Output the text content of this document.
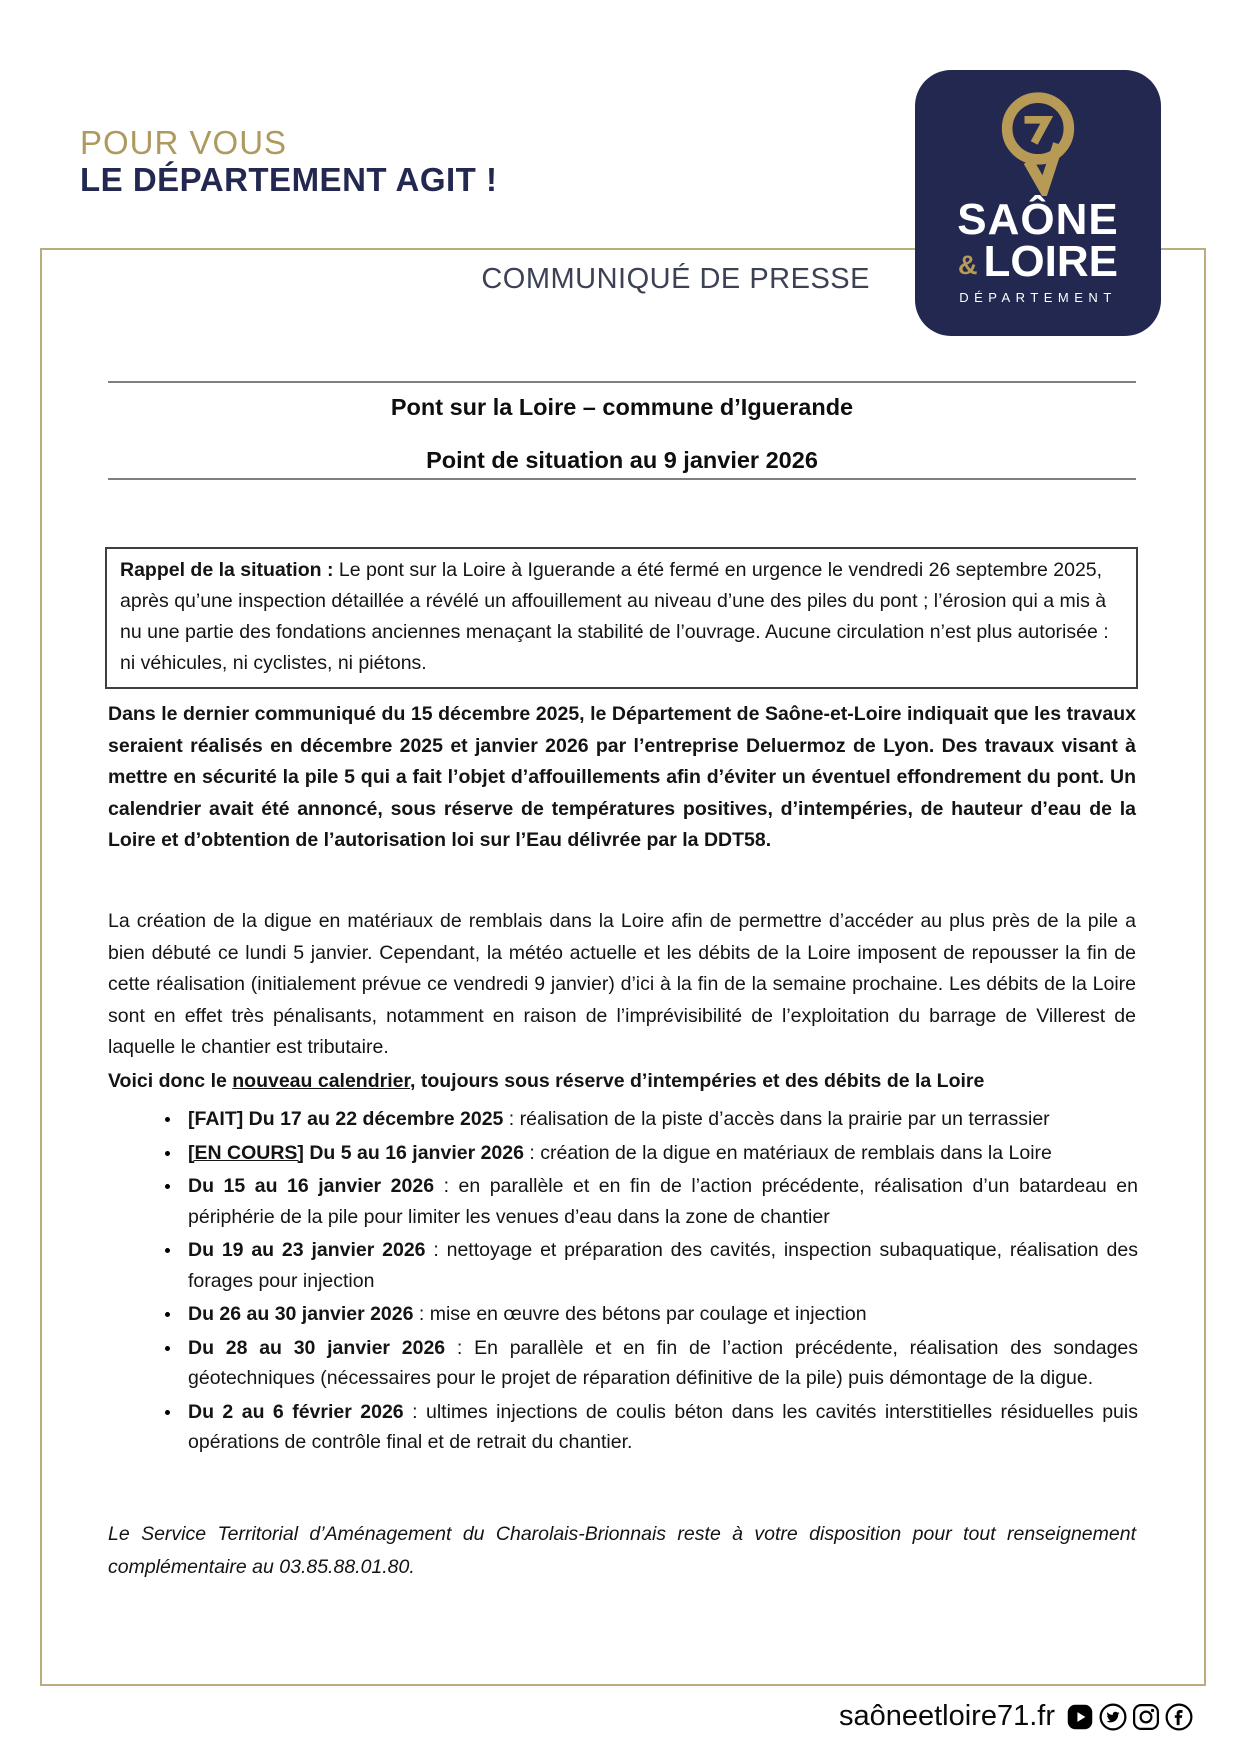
POUR VOUS
LE DÉPARTEMENT AGIT !
SAÔNE
& LOIRE
DÉPARTEMENT
COMMUNIQUÉ DE PRESSE
Pont sur la Loire – commune d’Iguerande
Point de situation au 9 janvier 2026
Rappel de la situation : Le pont sur la Loire à Iguerande a été fermé en urgence le vendredi 26 septembre 2025, après qu’une inspection détaillée a révélé un affouillement au niveau d’une des piles du pont ; l’érosion qui a mis à nu une partie des fondations anciennes menaçant la stabilité de l’ouvrage. Aucune circulation n’est plus autorisée : ni véhicules, ni cyclistes, ni piétons.

Dans le dernier communiqué du 15 décembre 2025, le Département de Saône-et-Loire indiquait que les travaux seraient réalisés en décembre 2025 et janvier 2026 par l’entreprise Deluermoz de Lyon. Des travaux visant à mettre en sécurité la pile 5 qui a fait l’objet d’affouillements afin d’éviter un éventuel effondrement du pont. Un calendrier avait été annoncé, sous réserve de températures positives, d’intempéries, de hauteur d’eau de la Loire et d’obtention de l’autorisation loi sur l’Eau délivrée par la DDT58.

La création de la digue en matériaux de remblais dans la Loire afin de permettre d’accéder au plus près de la pile a bien débuté ce lundi 5 janvier. Cependant, la météo actuelle et les débits de la Loire imposent de repousser la fin de cette réalisation (initialement prévue ce vendredi 9 janvier) d’ici à la fin de la semaine prochaine. Les débits de la Loire sont en effet très pénalisants, notamment en raison de l’imprévisibilité de l’exploitation du barrage de Villerest de laquelle le chantier est tributaire.

Voici donc le nouveau calendrier, toujours sous réserve d’intempéries et des débits de la Loire

• [FAIT] Du 17 au 22 décembre 2025 : réalisation de la piste d’accès dans la prairie par un terrassier
• [EN COURS] Du 5 au 16 janvier 2026 : création de la digue en matériaux de remblais dans la Loire
• Du 15 au 16 janvier 2026 : en parallèle et en fin de l’action précédente, réalisation d’un batardeau en périphérie de la pile pour limiter les venues d’eau dans la zone de chantier
• Du 19 au 23 janvier 2026 : nettoyage et préparation des cavités, inspection subaquatique, réalisation des forages pour injection
• Du 26 au 30 janvier 2026 : mise en œuvre des bétons par coulage et injection
• Du 28 au 30 janvier 2026 : En parallèle et en fin de l’action précédente, réalisation des sondages géotechniques (nécessaires pour le projet de réparation définitive de la pile) puis démontage de la digue.
• Du 2 au 6 février 2026 : ultimes injections de coulis béton dans les cavités interstitielles résiduelles puis opérations de contrôle final et de retrait du chantier.

Le Service Territorial d’Aménagement du Charolais-Brionnais reste à votre disposition pour tout renseignement complémentaire au 03.85.88.01.80.

saôneetloire71.fr
